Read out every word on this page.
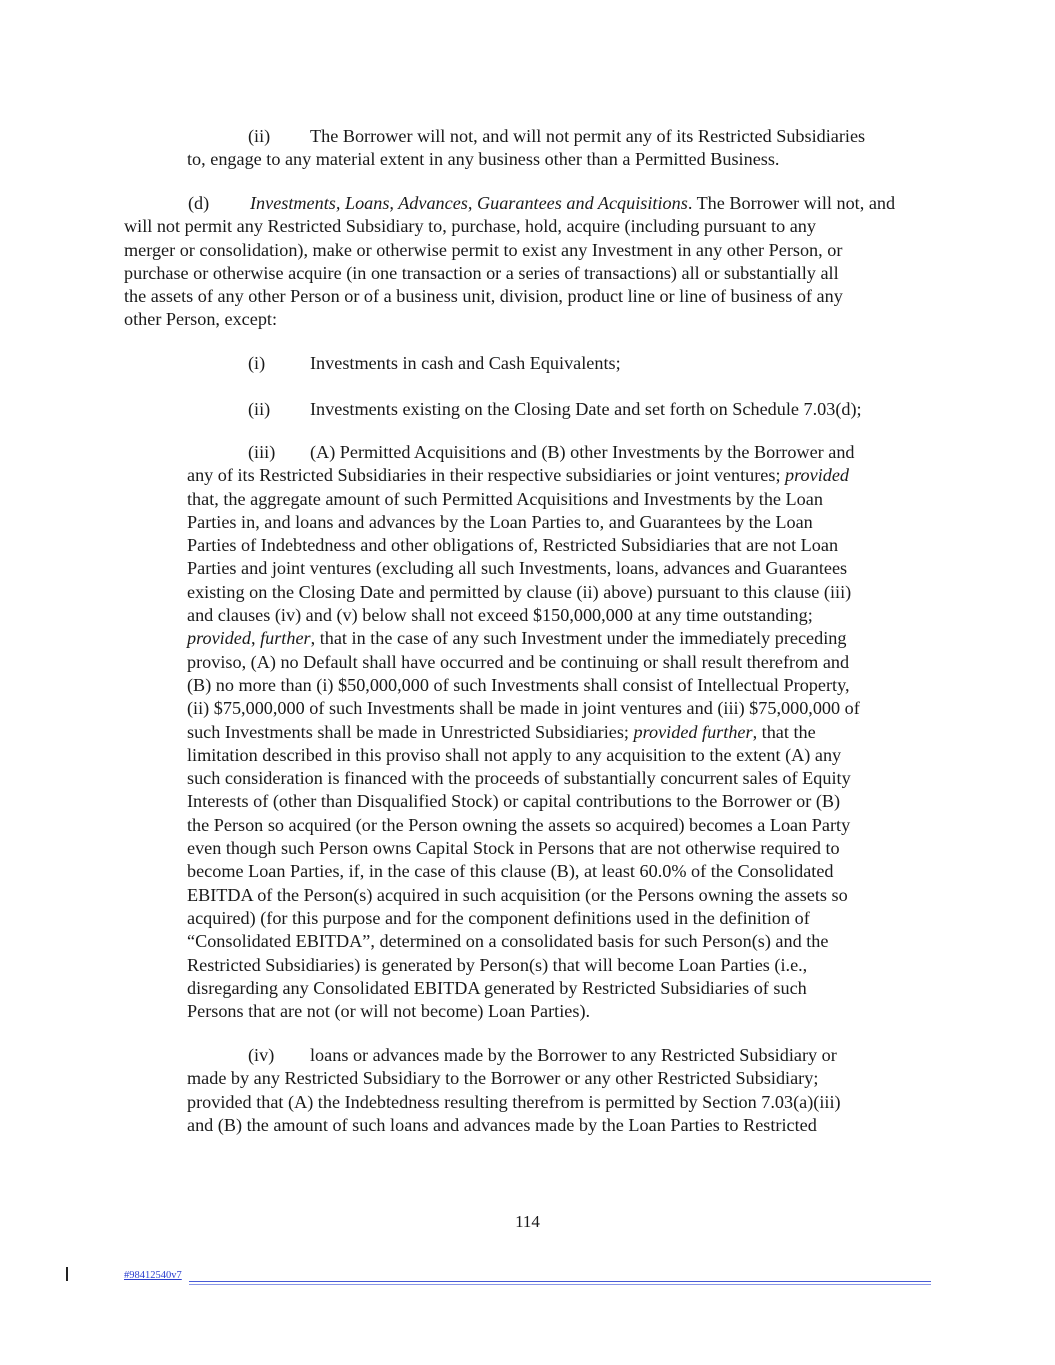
(ii) The Borrower will not, and will not permit any of its Restricted Subsidiaries
to, engage to any material extent in any business other than a Permitted Business.
(d) Investments, Loans, Advances, Guarantees and Acquisitions. The Borrower will not, and
will not permit any Restricted Subsidiary to, purchase, hold, acquire (including pursuant to any
merger or consolidation), make or otherwise permit to exist any Investment in any other Person, or
purchase or otherwise acquire (in one transaction or a series of transactions) all or substantially all
the assets of any other Person or of a business unit, division, product line or line of business of any
other Person, except:
(i) Investments in cash and Cash Equivalents;
(ii) Investments existing on the Closing Date and set forth on Schedule 7.03(d);
(iii) (A) Permitted Acquisitions and (B) other Investments by the Borrower and
any of its Restricted Subsidiaries in their respective subsidiaries or joint ventures; provided
that, the aggregate amount of such Permitted Acquisitions and Investments by the Loan
Parties in, and loans and advances by the Loan Parties to, and Guarantees by the Loan
Parties of Indebtedness and other obligations of, Restricted Subsidiaries that are not Loan
Parties and joint ventures (excluding all such Investments, loans, advances and Guarantees
existing on the Closing Date and permitted by clause (ii) above) pursuant to this clause (iii)
and clauses (iv) and (v) below shall not exceed $150,000,000 at any time outstanding;
provided, further, that in the case of any such Investment under the immediately preceding
proviso, (A) no Default shall have occurred and be continuing or shall result therefrom and
(B) no more than (i) $50,000,000 of such Investments shall consist of Intellectual Property,
(ii) $75,000,000 of such Investments shall be made in joint ventures and (iii) $75,000,000 of
such Investments shall be made in Unrestricted Subsidiaries; provided further, that the
limitation described in this proviso shall not apply to any acquisition to the extent (A) any
such consideration is financed with the proceeds of substantially concurrent sales of Equity
Interests of (other than Disqualified Stock) or capital contributions to the Borrower or (B)
the Person so acquired (or the Person owning the assets so acquired) becomes a Loan Party
even though such Person owns Capital Stock in Persons that are not otherwise required to
become Loan Parties, if, in the case of this clause (B), at least 60.0% of the Consolidated
EBITDA of the Person(s) acquired in such acquisition (or the Persons owning the assets so
acquired) (for this purpose and for the component definitions used in the definition of
“Consolidated EBITDA”, determined on a consolidated basis for such Person(s) and the
Restricted Subsidiaries) is generated by Person(s) that will become Loan Parties (i.e.,
disregarding any Consolidated EBITDA generated by Restricted Subsidiaries of such
Persons that are not (or will not become) Loan Parties).
(iv) loans or advances made by the Borrower to any Restricted Subsidiary or
made by any Restricted Subsidiary to the Borrower or any other Restricted Subsidiary;
provided that (A) the Indebtedness resulting therefrom is permitted by Section 7.03(a)(iii)
and (B) the amount of such loans and advances made by the Loan Parties to Restricted
114
#98412540v7
